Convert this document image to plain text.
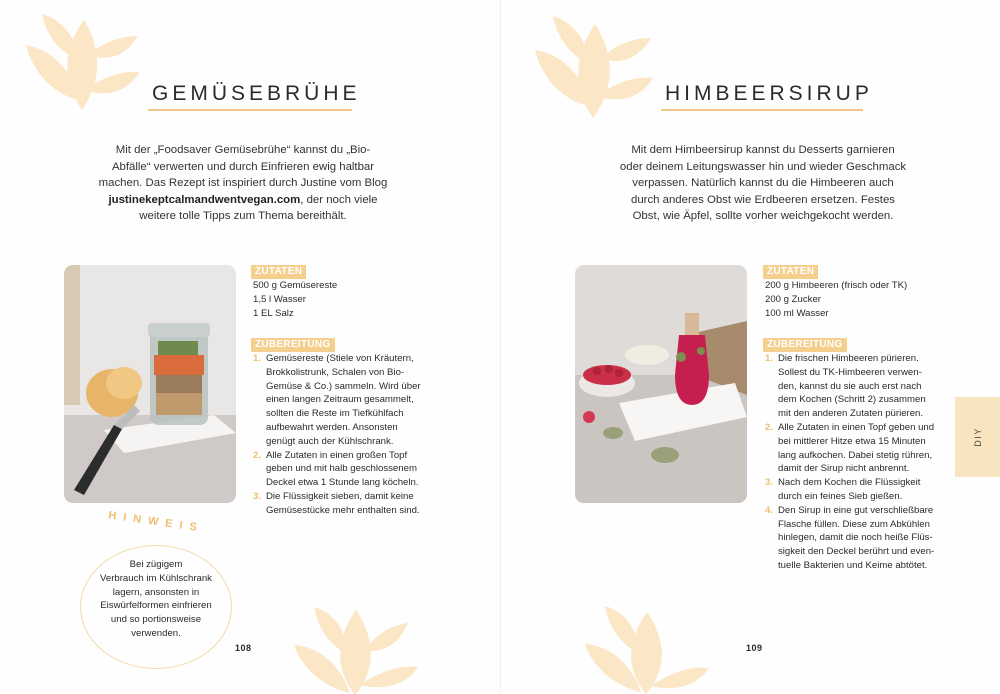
GEMÜSEBRÜHE
Mit der „Foodsaver Gemüsebrühe“ kannst du „Bio-
Abfälle“ verwerten und durch Einfrieren ewig haltbar
machen. Das Rezept ist inspiriert durch Justine vom Blog
justinekeptcalmandwentvegan.com, der noch viele
weitere tolle Tipps zum Thema bereithält.
ZUTATEN
500 g Gemüsereste
1,5 l Wasser
1 EL Salz
ZUBEREITUNG
1. Gemüsereste (Stiele von Kräutern,
Brokkolistrunk, Schalen von Bio-
Gemüse & Co.) sammeln. Wird über
einen langen Zeitraum gesammelt,
sollten die Reste im Tiefkühlfach
aufbewahrt werden. Ansonsten
genügt auch der Kühlschrank.
2. Alle Zutaten in einen großen Topf
geben und mit halb geschlossenem
Deckel etwa 1 Stunde lang köcheln.
3. Die Flüssigkeit sieben, damit keine
Gemüsestücke mehr enthalten sind.
HINWEIS
Bei zügigem
Verbrauch im Kühlschrank
lagern, ansonsten in
Eiswürfelformen einfrieren
und so portionsweise
verwenden.
108
HIMBEERSIRUP
Mit dem Himbeersirup kannst du Desserts garnieren
oder deinem Leitungswasser hin und wieder Geschmack
verpassen. Natürlich kannst du die Himbeeren auch
durch anderes Obst wie Erdbeeren ersetzen. Festes
Obst, wie Äpfel, sollte vorher weichgekocht werden.
ZUTATEN
200 g Himbeeren (frisch oder TK)
200 g Zucker
100 ml Wasser
ZUBEREITUNG
1. Die frischen Himbeeren pürieren.
Sollest du TK-Himbeeren verwen-
den, kannst du sie auch erst nach
dem Kochen (Schritt 2) zusammen
mit den anderen Zutaten pürieren.
2. Alle Zutaten in einen Topf geben und
bei mittlerer Hitze etwa 15 Minuten
lang aufkochen. Dabei stetig rühren,
damit der Sirup nicht anbrennt.
3. Nach dem Kochen die Flüssigkeit
durch ein feines Sieb gießen.
4. Den Sirup in eine gut verschließbare
Flasche füllen. Diese zum Abkühlen
hinlegen, damit die noch heiße Flüs-
sigkeit den Deckel berührt und even-
tuelle Bakterien und Keime abtötet.
109
DIY
